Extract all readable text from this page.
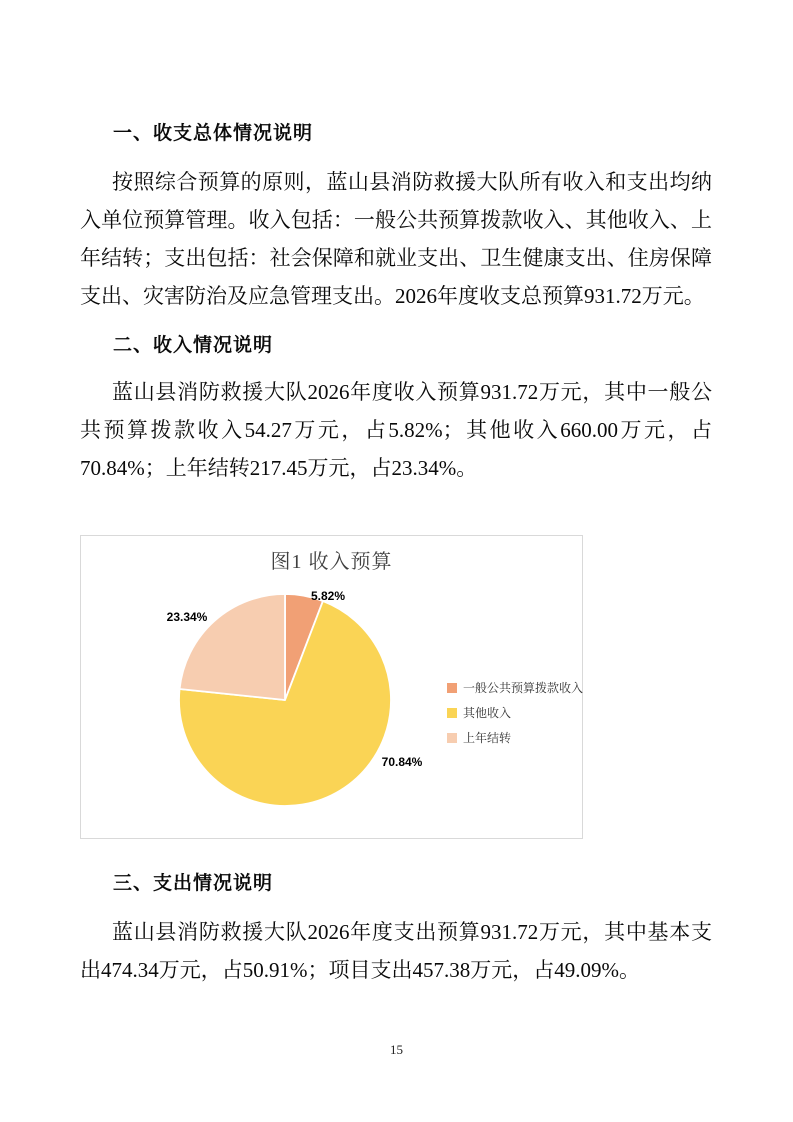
一、收支总体情况说明
按照综合预算的原则，蓝山县消防救援大队所有收入和支出均纳入单位预算管理。收入包括：一般公共预算拨款收入、其他收入、上年结转；支出包括：社会保障和就业支出、卫生健康支出、住房保障支出、灾害防治及应急管理支出。2026年度收支总预算931.72万元。
二、收入情况说明
蓝山县消防救援大队2026年度收入预算931.72万元，其中一般公共预算拨款收入54.27万元，占5.82%；其他收入660.00万元，占70.84%；上年结转217.45万元，占23.34%。
图1 收入预算
5.82%
70.84%
23.34%
一般公共预算拨款收入
其他收入
上年结转
三、支出情况说明
蓝山县消防救援大队2026年度支出预算931.72万元，其中基本支出474.34万元，占50.91%；项目支出457.38万元，占49.09%。
15
